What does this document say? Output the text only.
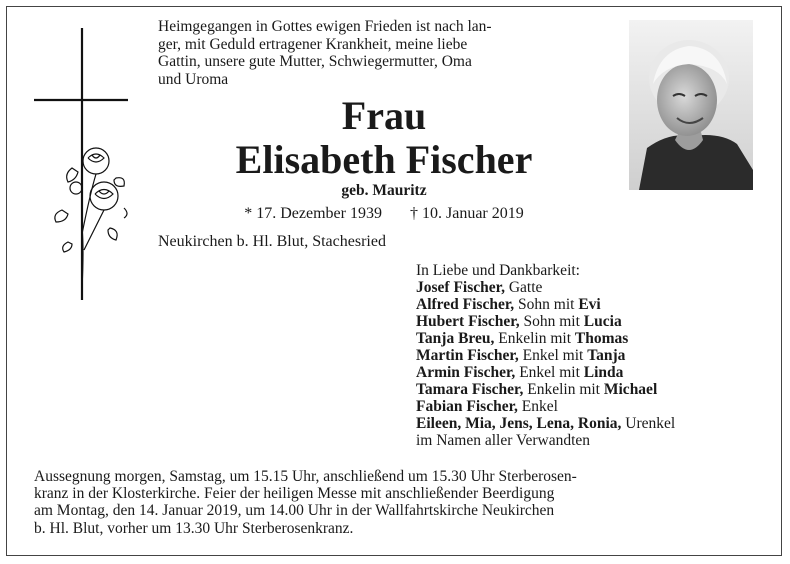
Heimgegangen in Gottes ewigen Frieden ist nach lan-
ger, mit Geduld ertragener Krankheit, meine liebe
Gattin, unsere gute Mutter, Schwiegermutter, Oma
und Uroma
Frau
Elisabeth Fischer
geb. Mauritz
* 17. Dezember 1939 † 10. Januar 2019
Neukirchen b. Hl. Blut, Stachesried
In Liebe und Dankbarkeit:
Josef Fischer, Gatte
Alfred Fischer, Sohn mit Evi
Hubert Fischer, Sohn mit Lucia
Tanja Breu, Enkelin mit Thomas
Martin Fischer, Enkel mit Tanja
Armin Fischer, Enkel mit Linda
Tamara Fischer, Enkelin mit Michael
Fabian Fischer, Enkel
Eileen, Mia, Jens, Lena, Ronia, Urenkel
im Namen aller Verwandten
Aussegnung morgen, Samstag, um 15.15 Uhr, anschließend um 15.30 Uhr Sterberosen-
kranz in der Klosterkirche. Feier der heiligen Messe mit anschließender Beerdigung
am Montag, den 14. Januar 2019, um 14.00 Uhr in der Wallfahrtskirche Neukirchen
b. Hl. Blut, vorher um 13.30 Uhr Sterberosenkranz.
